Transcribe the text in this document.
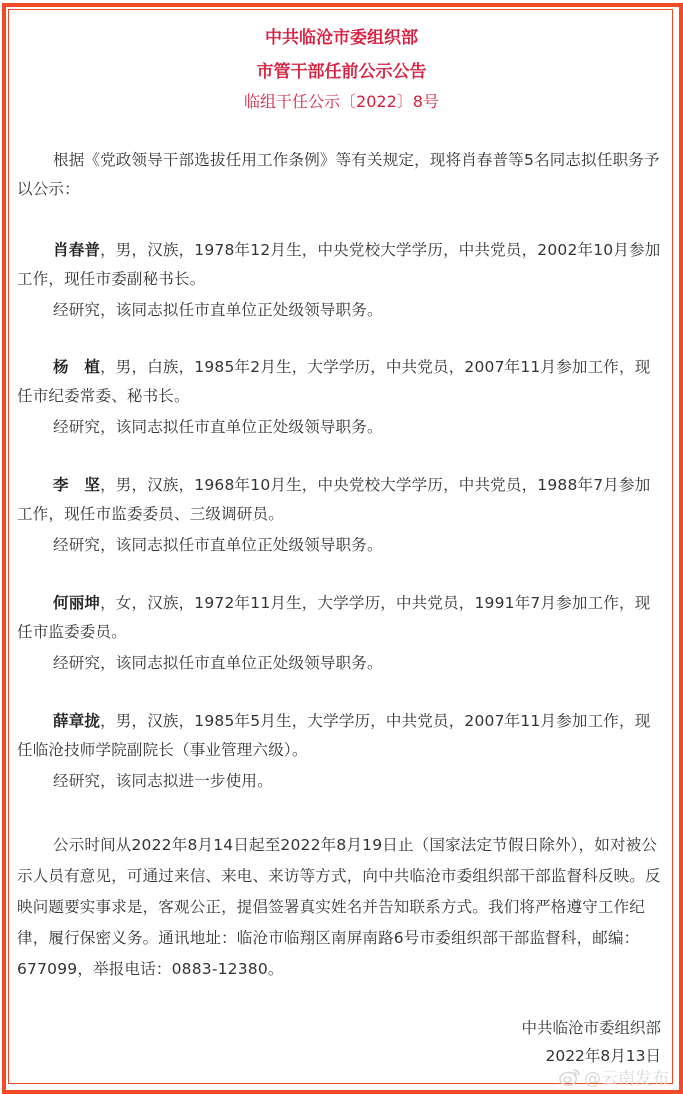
中共临沧市委组织部
市管干部任前公示公告
临组干任公示〔2022〕8号
根据《党政领导干部选拔任用工作条例》等有关规定，现将肖春普等5名同志拟任职务予以公示：
肖春普，男，汉族，1978年12月生，中央党校大学学历，中共党员，2002年10月参加工作，现任市委副秘书长。
经研究，该同志拟任市直单位正处级领导职务。
杨　植，男，白族，1985年2月生，大学学历，中共党员，2007年11月参加工作，现任市纪委常委、秘书长。
经研究，该同志拟任市直单位正处级领导职务。
李　坚，男，汉族，1968年10月生，中央党校大学学历，中共党员，1988年7月参加工作，现任市监委委员、三级调研员。
经研究，该同志拟任市直单位正处级领导职务。
何丽坤，女，汉族，1972年11月生，大学学历，中共党员，1991年7月参加工作，现任市监委委员。
经研究，该同志拟任市直单位正处级领导职务。
薛章拢，男，汉族，1985年5月生，大学学历，中共党员，2007年11月参加工作，现任临沧技师学院副院长（事业管理六级）。
经研究，该同志拟进一步使用。
公示时间从2022年8月14日起至2022年8月19日止（国家法定节假日除外），如对被公示人员有意见，可通过来信、来电、来访等方式，向中共临沧市委组织部干部监督科反映。反映问题要实事求是，客观公正，提倡签署真实姓名并告知联系方式。我们将严格遵守工作纪律，履行保密义务。通讯地址：临沧市临翔区南屏南路6号市委组织部干部监督科，邮编：677099，举报电话：0883-12380。
中共临沧市委组织部
2022年8月13日
@云南发布
